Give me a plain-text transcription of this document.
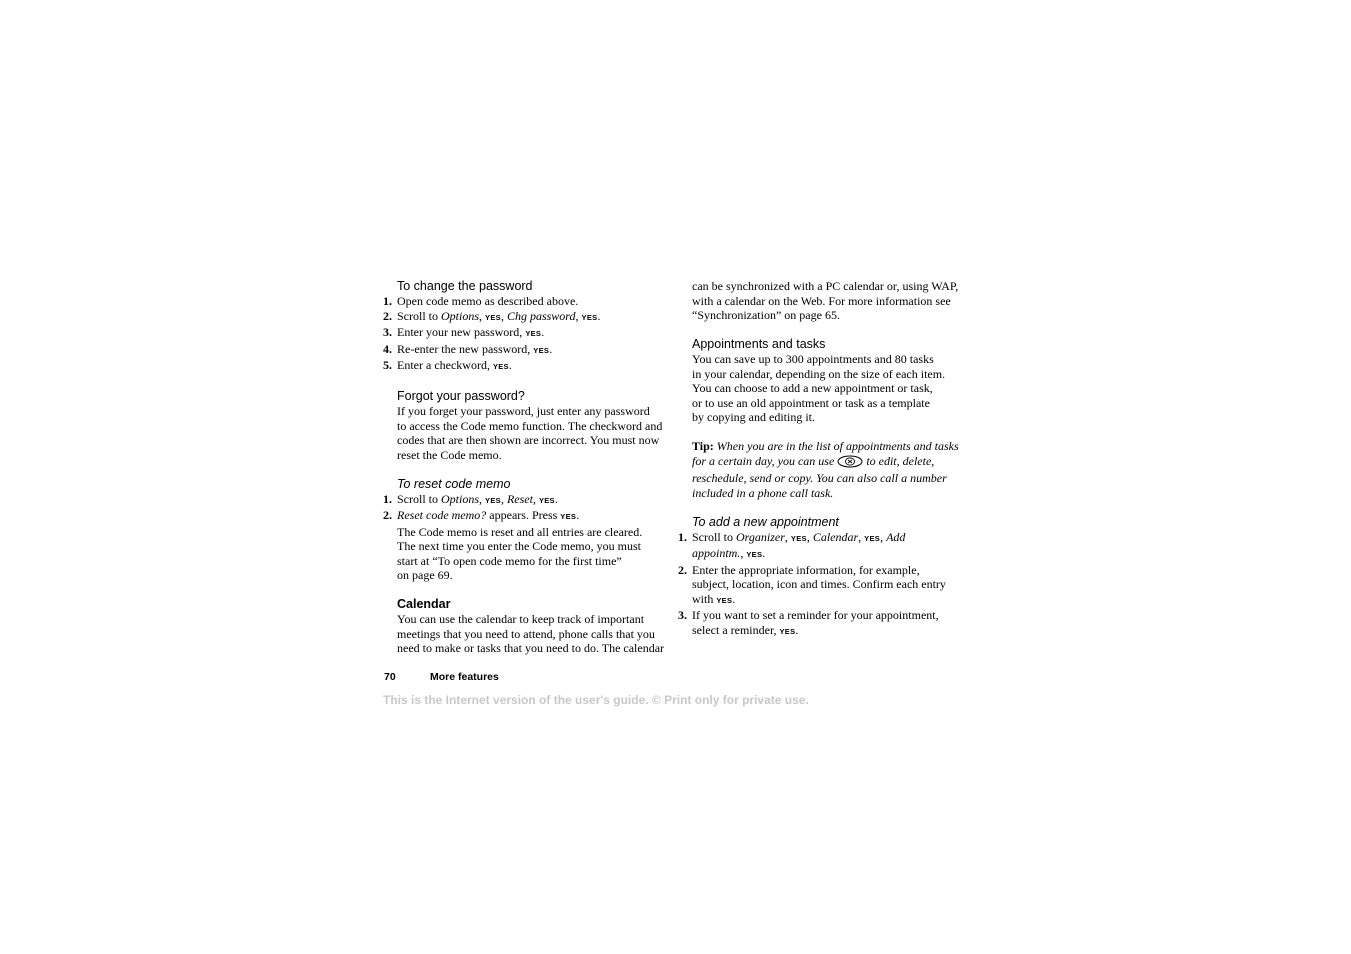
To change the password
1. Open code memo as described above.
2. Scroll to Options, YES, Chg password, YES.
3. Enter your new password, YES.
4. Re-enter the new password, YES.
5. Enter a checkword, YES.
Forgot your password?
If you forget your password, just enter any password
to access the Code memo function. The checkword and
codes that are then shown are incorrect. You must now
reset the Code memo.
To reset code memo
1. Scroll to Options, YES, Reset, YES.
2. Reset code memo? appears. Press YES.
The Code memo is reset and all entries are cleared.
The next time you enter the Code memo, you must
start at “To open code memo for the first time”
on page 69.
Calendar
You can use the calendar to keep track of important
meetings that you need to attend, phone calls that you
need to make or tasks that you need to do. The calendar
can be synchronized with a PC calendar or, using WAP,
with a calendar on the Web. For more information see
“Synchronization” on page 65.
Appointments and tasks
You can save up to 300 appointments and 80 tasks
in your calendar, depending on the size of each item.
You can choose to add a new appointment or task,
or to use an old appointment or task as a template
by copying and editing it.
Tip: When you are in the list of appointments and tasks
for a certain day, you can use  to edit, delete,
reschedule, send or copy. You can also call a number
included in a phone call task.
To add a new appointment
1. Scroll to Organizer, YES, Calendar, YES, Add
appointm., YES.
2. Enter the appropriate information, for example,
subject, location, icon and times. Confirm each entry
with YES.
3. If you want to set a reminder for your appointment,
select a reminder, YES.
70	More features
This is the Internet version of the user's guide. © Print only for private use.
